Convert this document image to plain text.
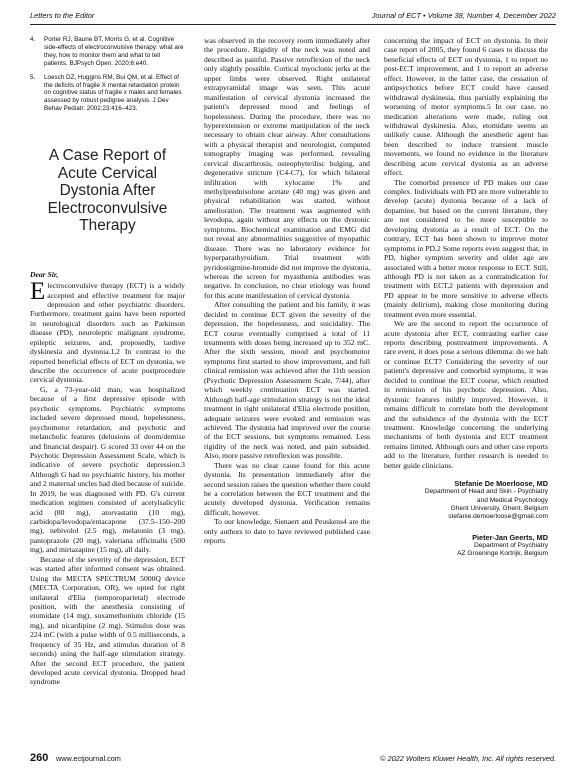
Letters to the Editor	Journal of ECT • Volume 38, Number 4, December 2022
4. Porter RJ, Baune BT, Morris G, et al. Cognitive side-effects of electroconvulsive therapy: what are they, how to monitor them and what to tell patients. BJPsych Open. 2020;6:e40.
5. Loesch DZ, Huggins RM, Bui QM, et al. Effect of the deficits of fragile X mental retardation protein on cognitive status of fragile x males and females assessed by robust pedigree analysis. J Dev Behav Pediatr. 2002;23:416–423.
A Case Report of Acute Cervical Dystonia After Electroconvulsive Therapy
Dear Sir,

Electroconvulsive therapy (ECT) is a widely accepted and effective treatment for major depression and other psychiatric disorders. Furthermore, treatment gains have been reported in neurological disorders such as Parkinson disease (PD), neuroleptic malignant syndrome, epileptic seizures, and, proposedly, tardive dyskinesia and dystonia.1,2 In contrast to the reported beneficial effects of ECT on dystonia, we describe the occurrence of acute postprocedure cervical dystonia.

G, a 73-year-old man, was hospitalized because of a first depressive episode with psychotic symptoms. Psychiatric symptoms included severe depressed mood, hopelessness, psychomotor retardation, and psychotic and melancholic features (delusions of doom/demise and financial despair). G scored 33 over 44 on the Psychotic Depression Assessment Scale, which is indicative of severe psychotic depression.3 Although G had no psychiatric history, his mother and 2 maternal uncles had died because of suicide. In 2019, he was diagnosed with PD. G's current medication regimen consisted of acetylsalicylic acid (80 mg), atorvastatin (10 mg), carbidopa/levodopa/entacapone (37.5–150–200 mg), nebivolol (2.5 mg), melatonin (3 mg), pantoprazole (20 mg), valeriana officinalis (500 mg), and mirtazapine (15 mg), all daily.

Because of the severity of the depression, ECT was started after informed consent was obtained. Using the MECTA SPECTRUM 5000Q device (MECTA Corporation, OR), we opted for right unilateral d'Elia (temporoparietal) electrode position, with the anesthesia consisting of etomidate (14 mg), suxamethonium chloride (15 mg), and nicardipine (2 mg). Stimulus dose was 224 mC (with a pulse width of 0.5 milliseconds, a frequency of 35 Hz, and stimulus duration of 8 seconds) using the half-age stimulation strategy. After the second ECT procedure, the patient developed acute cervical dystonia. Dropped head syndrome

was observed in the recovery room immediately after the procedure. Rigidity of the neck was noted and described as painful. Passive retroflexion of the neck only slightly possible. Cortical myoclonic jerks at the upper limbs were observed. Right unilateral extrapyramidal image was seen. This acute manifestation of cervical dystonia increased the patient's depressed mood and feelings of hopelessness. During the procedure, there was no hyperextension or extreme manipulation of the neck necessary to obtain clear airway. After consultations with a physical therapist and neurologist, computed tomography imaging was performed, revealing cervical discarthrosis, osteophyte/disc bulging, and degenerative stricture (C4-C7), for which bilateral infiltration with xylocaine 1% and methylprednisolone acetate (40 mg) was given and physical rehabilitation was started, without amelioration. The treatment was augmented with levodopa, again without any effects on the dystonic symptoms. Biochemical examination and EMG did not reveal any abnormalities suggestive of myopathic disease. There was no laboratory evidence for hyperparathyroidism. Trial treatment with pyridostigmine-bromide did not improve the dystonia, whereas the screen for myasthenia antibodies was negative. In conclusion, no clear etiology was found for this acute manifestation of cervical dystonia.

After consulting the patient and his family, it was decided to continue ECT given the severity of the depression, the hopelessness, and suicidality. The ECT course eventually comprised a total of 11 treatments with doses being increased up to 352 mC. After the sixth session, mood and psychomotor symptoms first started to show improvement, and full clinical remission was achieved after the 11th session (Psychotic Depression Assessment Scale, 7/44), after which weekly continuation ECT was started. Although half-age stimulation strategy is not the ideal treatment in right unilateral d'Elia electrode position, adequate seizures were evoked and remission was achieved. The dystonia had improved over the course of the ECT sessions, but symptoms remained. Less rigidity of the neck was noted, and pain subsided. Also, more passive retroflexion was possible.

There was no clear cause found for this acute dystonia. Its presentation immediately after the second session raises the question whether there could be a correlation between the ECT treatment and the acutely developed dystonia. Verification remains difficult, however.

To our knowledge, Sienaert and Peuskens4 are the only authors to date to have reviewed published case reports

concerning the impact of ECT on dystonia. In their case report of 2005, they found 6 cases to discuss the beneficial effects of ECT on dystonia, 1 to report no post-ECT improvement, and 1 to report an adverse effect. However, in the latter case, the cessation of antipsychotics before ECT could have caused withdrawal dyskinesia, thus partially explaining the worsening of motor symptoms.5 In our case, no medication alterations were made, ruling out withdrawal dyskinesia. Also, etomidate seems an unlikely cause. Although the anesthetic agent has been described to induce transient muscle movements, we found no evidence in the literature describing acute cervical dystonia as an adverse effect.

The comorbid presence of PD makes our case complex. Individuals with PD are more vulnerable to develop (acute) dystonia because of a lack of dopamine, but based on the current literature, they are not considered to be more susceptible to developing dystonia as a result of ECT. On the contrary, ECT has been shown to improve motor symptoms in PD.2 Some reports even suggest that, in PD, higher symptom severity and older age are associated with a better motor response to ECT. Still, although PD is not taken as a contraindication for treatment with ECT,2 patients with depression and PD appear to be more sensitive to adverse effects (mainly delirium), making close monitoring during treatment even more essential.

We are the second to report the occurrence of acute dystonia after ECT, contrasting earlier case reports describing posttreatment improvements. A rare event, it does pose a serious dilemma: do we halt or continue ECT? Considering the severity of our patient's depressive and comorbid symptoms, it was decided to continue the ECT course, which resulted in remission of his psychotic depression. Also, dystonic features mildly improved. However, it remains difficult to correlate both the development and the subsidence of the dystonia with the ECT treatment. Knowledge concerning the underlying mechanisms of both dystonia and ECT treatment remains limited. Although ours and other case reports add to the literature, further research is needed to better guide clinicians.

Stefanie De Moerloose, MD
Department of Head and Skin - Psychiatry
and Medical Psychology
Ghent University, Ghent, Belgium
stefanie.demoerloose@gmail.com
Pieter-Jan Geerts, MD
Department of Psychiatry
AZ Groeninge Kortrijk, Belgium
260 www.ectjournal.com	© 2022 Wolters Kluwer Health, Inc. All rights reserved.
